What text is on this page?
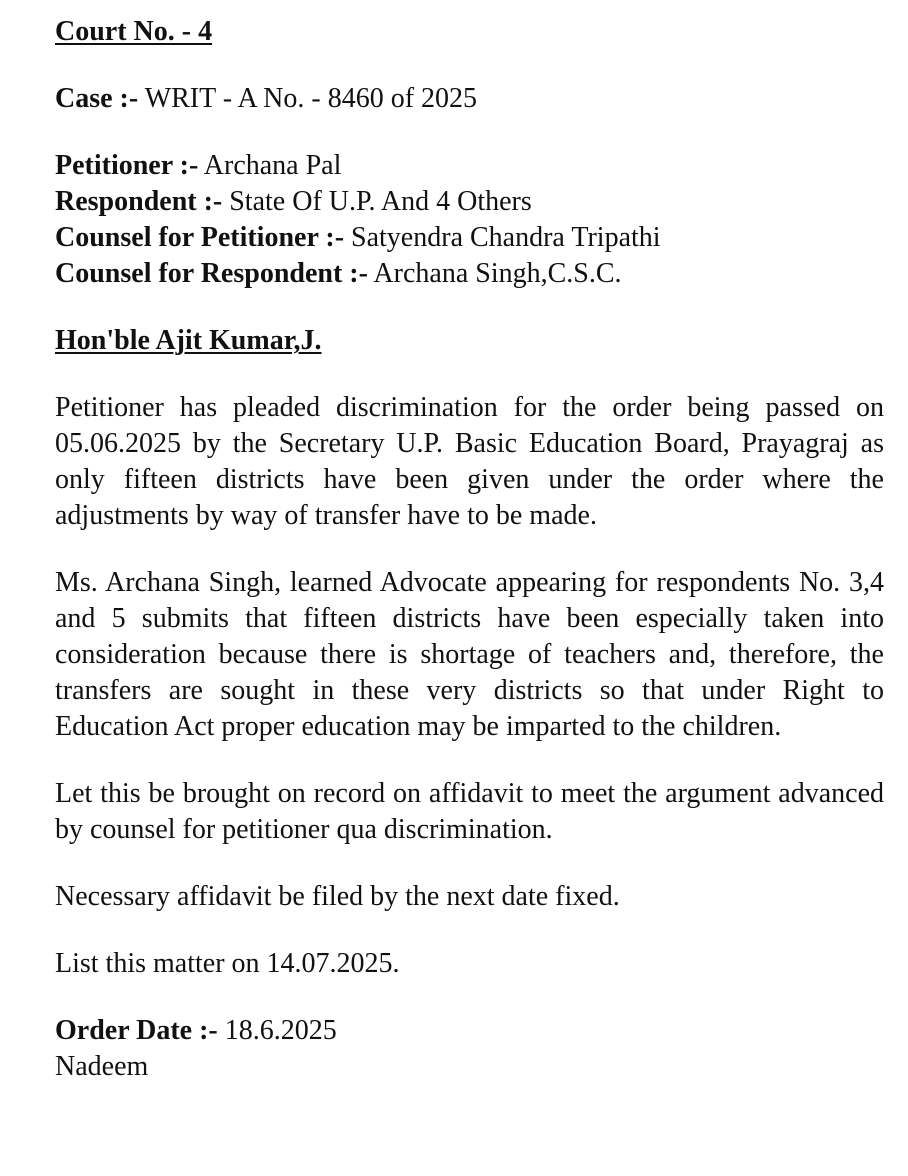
Court No. - 4
Case :- WRIT - A No. - 8460 of 2025
Petitioner :- Archana Pal
Respondent :- State Of U.P. And 4 Others
Counsel for Petitioner :- Satyendra Chandra Tripathi
Counsel for Respondent :- Archana Singh,C.S.C.
Hon'ble Ajit Kumar,J.
Petitioner has pleaded discrimination for the order being passed on 05.06.2025 by the Secretary U.P. Basic Education Board, Prayagraj as only fifteen districts have been given under the order where the adjustments by way of transfer have to be made.
Ms. Archana Singh, learned Advocate appearing for respondents No. 3,4 and 5 submits that fifteen districts have been especially taken into consideration because there is shortage of teachers and, therefore, the transfers are sought in these very districts so that under Right to Education Act proper education may be imparted to the children.
Let this be brought on record on affidavit to meet the argument advanced by counsel for petitioner qua discrimination.
Necessary affidavit be filed by the next date fixed.
List this matter on 14.07.2025.
Order Date :- 18.6.2025
Nadeem
